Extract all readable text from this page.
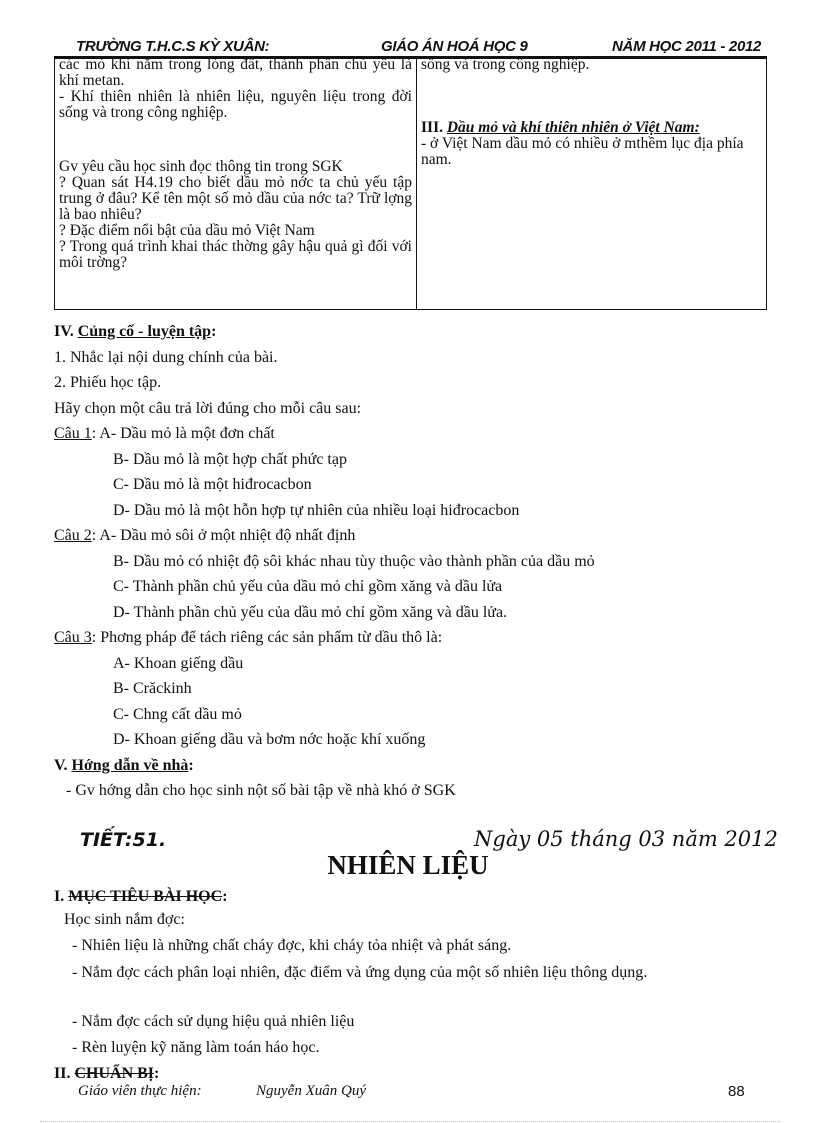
TRƯỜNG T.H.C.S KỲ XUÂN:	GIÁO ÁN HOÁ HỌC 9	NĂM HỌC 2011 - 2012

các mỏ khí nằm trong lòng đất, thành phần chủ yếu là khí metan.

- Khí thiên nhiên là nhiên liệu, nguyên liệu trong đời sống và trong công nghiệp.

Gv yêu cầu học sinh đọc thông tin trong SGK

? Quan sát H4.19 cho biết dầu mỏ nớc ta chủ yếu tập trung ở đâu? Kể tên một số mỏ dầu của nớc ta? Trữ lợng là bao nhiêu?

? Đặc điểm nổi bật của dầu mỏ Việt Nam

? Trong quá trình khai thác thờng gây hậu quả gì đối với môi trờng?

sống và trong công nghiệp.

III. Dầu mỏ và khí thiên nhiên ở Việt Nam:

- ở Việt Nam dầu mỏ có nhiều ở mthềm lục địa phía nam.

IV. Củng cố - luyện tập:
1. Nhắc lại nội dung chính của bài.
2. Phiếu học tập.
Hãy chọn một câu trả lời đúng cho mỗi câu sau:
Câu 1: A- Dầu mỏ là một đơn chất
B- Dầu mỏ là một hợp chất phức tạp
C- Dầu mỏ là một hiđrocacbon
D- Dầu mỏ là một hỗn hợp tự nhiên của nhiều loại hiđrocacbon
Câu 2: A- Dầu mỏ sôi ở một nhiệt độ nhất định
B- Dầu mỏ có nhiệt độ sôi khác nhau tùy thuộc vào thành phần của dầu mỏ
C- Thành phần chủ yếu của dầu mỏ chỉ gồm xăng và dầu lửa
D- Thành phần chủ yếu của dầu mỏ chỉ gồm xăng và dầu lửa.
Câu 3: Phơng pháp để tách riêng các sản phẩm từ dầu thô là:
A- Khoan giếng dầu
B- Crăckinh
C- Chng cất dầu mỏ
D- Khoan giếng dầu và bơm nớc hoặc khí xuống
V. Hớng dẫn về nhà:
- Gv hớng dẫn cho học sinh nột số bài tập về nhà khó ở SGK
TIẾT:51.	Ngày 05 tháng 03 năm 2012
NHIÊN LIỆU
I. MỤC TIÊU BÀI HỌC:
Học sinh nắm đợc:
- Nhiên liệu là những chất cháy đợc, khi cháy tỏa nhiệt và phát sáng.
- Nắm đợc cách phân loại nhiên, đặc điểm và ứng dụng của một số nhiên liệu thông dụng.
- Nắm đợc cách sử dụng hiệu quả nhiên liệu
- Rèn luyện kỹ năng làm toán háo học.
II. CHUẨN BỊ:
Giáo viên thực hiện:	Nguyễn Xuân Quý	88
